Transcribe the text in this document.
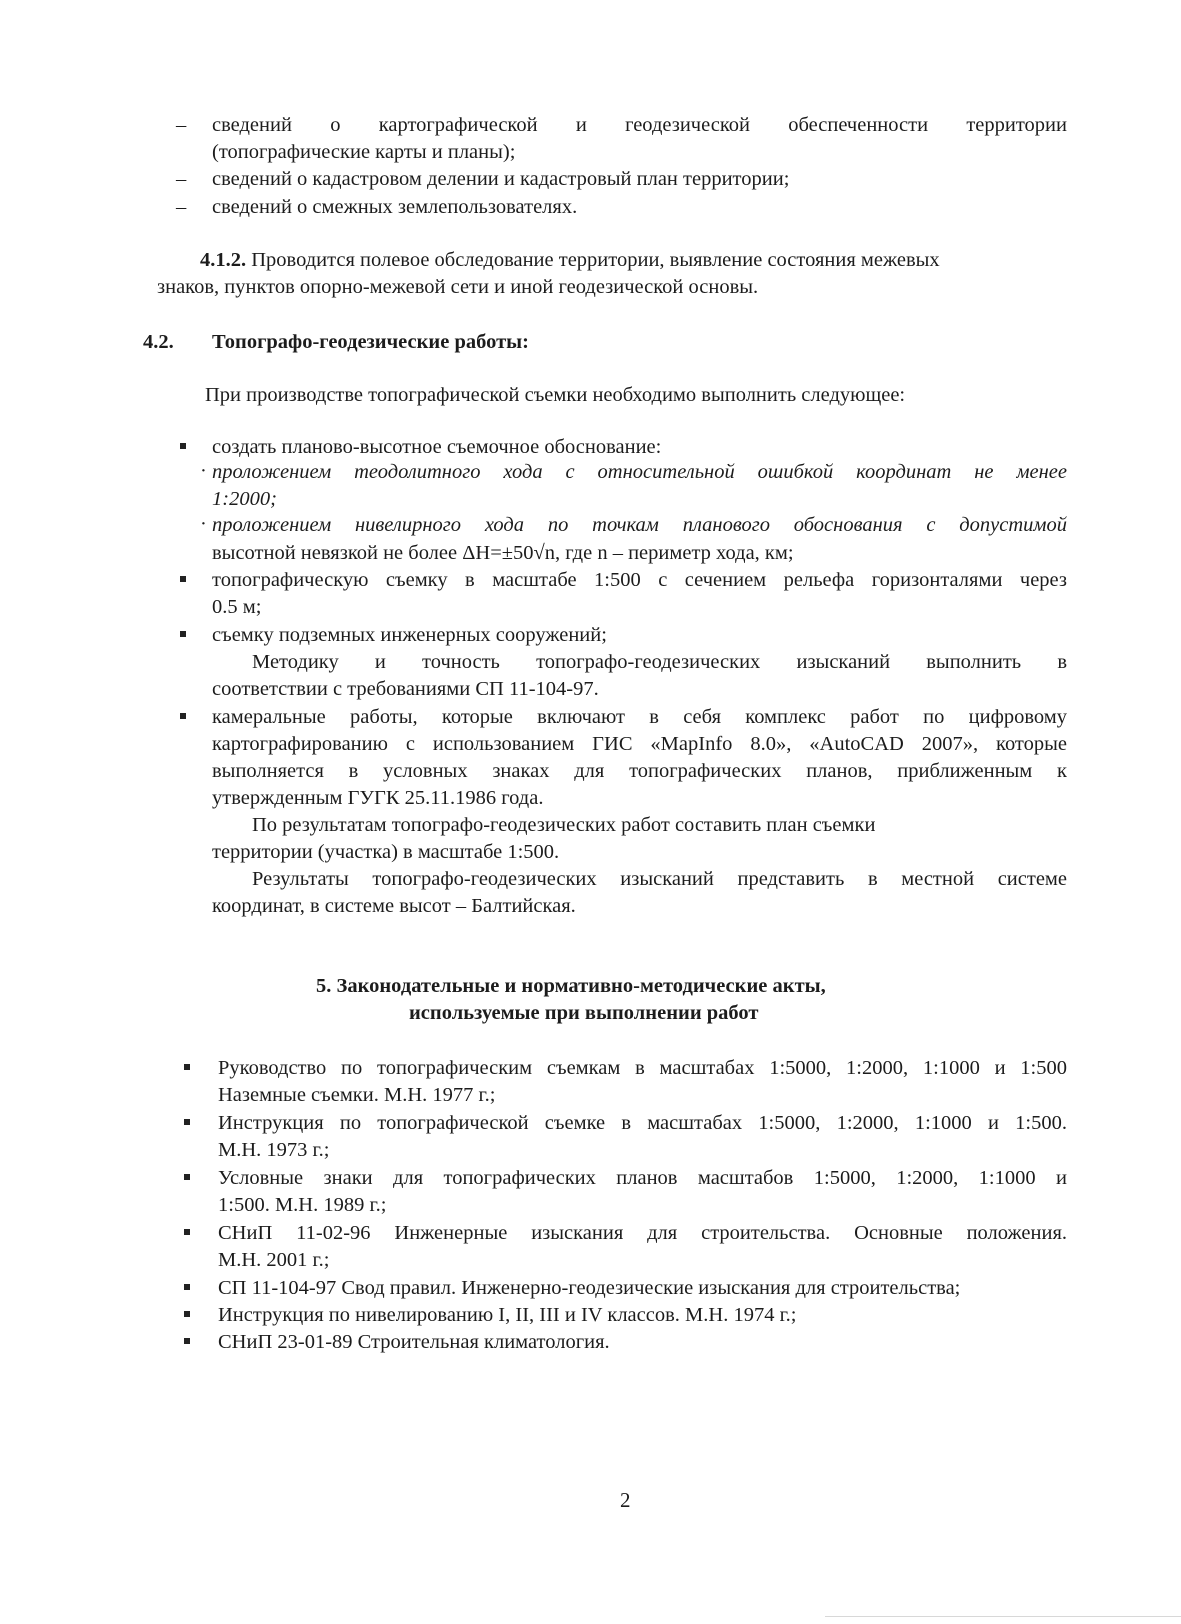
– сведений о картографической и геодезической обеспеченности территории
(топографические карты и планы);
– сведений о кадастровом делении и кадастровый план территории;
– сведений о смежных землепользователях.
4.1.2. Проводится полевое обследование территории, выявление состояния межевых
знаков, пунктов опорно-межевой сети и иной геодезической основы.
4.2. Топографо-геодезические работы:
При производстве топографической съемки необходимо выполнить следующее:
создать планово-высотное съемочное обоснование:
· проложением теодолитного хода с относительной ошибкой координат не менее
1:2000;
· проложением нивелирного хода по точкам планового обоснования с допустимой
высотной невязкой не более ΔH=±50√n, где n – периметр хода, км;
топографическую съемку в масштабе 1:500 с сечением рельефа горизонталями через
0.5 м;
съемку подземных инженерных сооружений;
Методику и точность топографо-геодезических изысканий выполнить в
соответствии с требованиями СП 11-104-97.
камеральные работы, которые включают в себя комплекс работ по цифровому
картографированию с использованием ГИС «MapInfo 8.0», «AutoCAD 2007», которые
выполняется в условных знаках для топографических планов, приближенным к
утвержденным ГУГК 25.11.1986 года.
По результатам топографо-геодезических работ составить план съемки
территории (участка) в масштабе 1:500.
Результаты топографо-геодезических изысканий представить в местной системе
координат, в системе высот – Балтийская.
5. Законодательные и нормативно-методические акты,
используемые при выполнении работ
Руководство по топографическим съемкам в масштабах 1:5000, 1:2000, 1:1000 и 1:500
Наземные съемки. М.Н. 1977 г.;
Инструкция по топографической съемке в масштабах 1:5000, 1:2000, 1:1000 и 1:500.
М.Н. 1973 г.;
Условные знаки для топографических планов масштабов 1:5000, 1:2000, 1:1000 и
1:500. М.Н. 1989 г.;
СНиП 11-02-96 Инженерные изыскания для строительства. Основные положения.
М.Н. 2001 г.;
СП 11-104-97 Свод правил. Инженерно-геодезические изыскания для строительства;
Инструкция по нивелированию I, II, III и IV классов. М.Н. 1974 г.;
СНиП 23-01-89 Строительная климатология.
2
